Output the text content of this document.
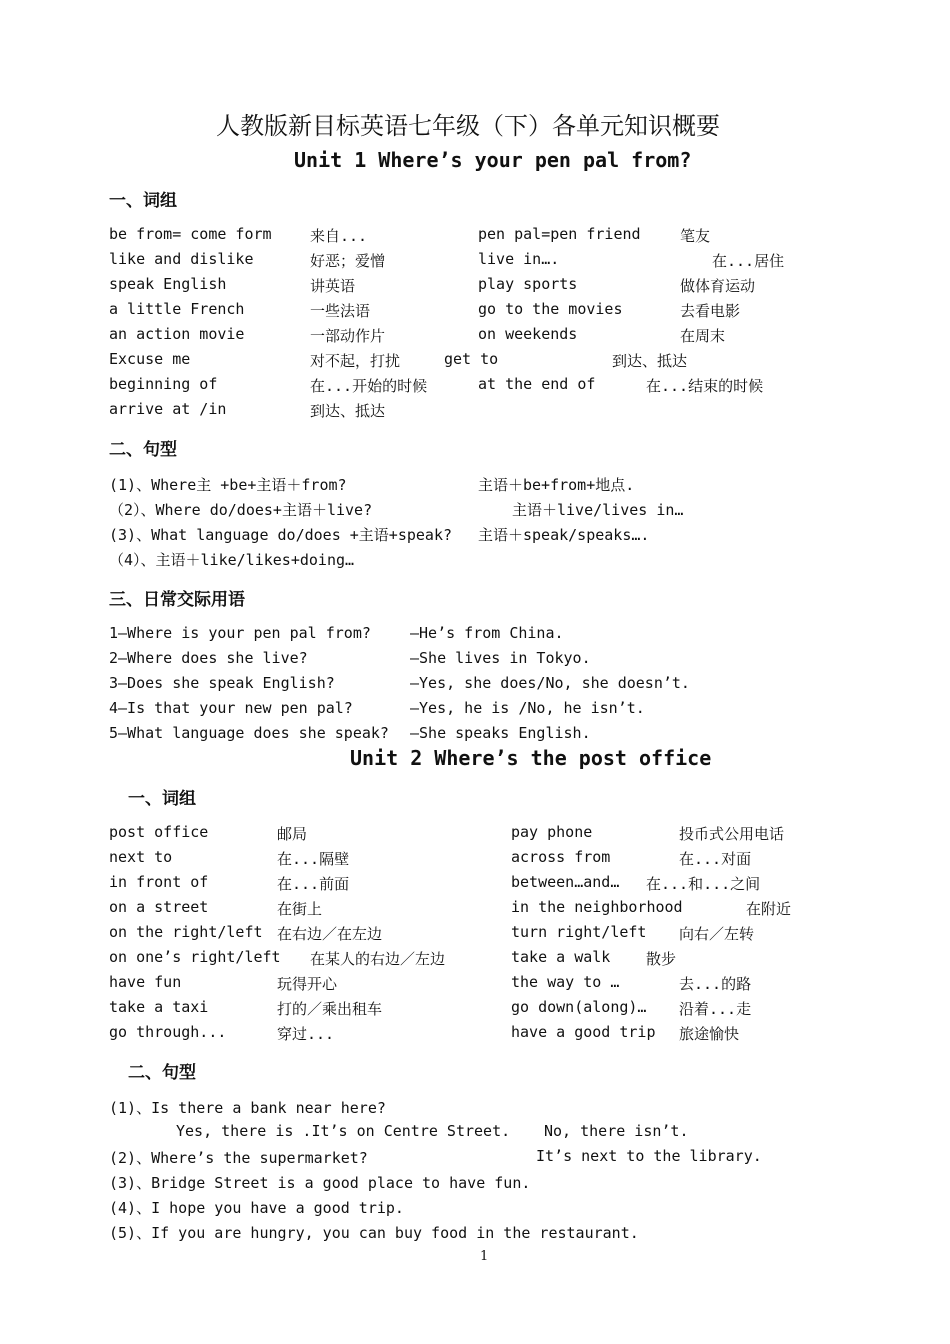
人教版新目标英语七年级（下）各单元知识概要
Unit 1 Where’s your pen pal from?
一、词组
be from= come form	来自...	pen pal=pen friend	笔友
like and dislike	好恶；爱憎	live in….	在...居住
speak English	讲英语	play sports	做体育运动
a little French	一些法语	go to the movies	去看电影
an action movie	一部动作片	on weekends	在周末
Excuse me	对不起，打扰	get to	到达、抵达
beginning of	在...开始的时候	at the end of	在...结束的时候
arrive at /in	到达、抵达
二、句型
(1)、Where主 +be+主语＋from?	主语＋be+from+地点.
（2）、Where do/does+主语＋live?	主语＋live/lives in…
(3)、What language do/does +主语+speak? 主语＋speak/speaks….
（4）、主语＋like/likes+doing…
三、日常交际用语
1—Where is your pen pal from?	—He’s from China.
2—Where does she live?	—She lives in Tokyo.
3—Does she speak English?	—Yes, she does/No, she doesn’t.
4—Is that your new pen pal?	—Yes, he is /No, he isn’t.
5—What language does she speak? —She speaks English.
Unit 2 Where’s the post office
一、词组
post office	邮局	pay phone	投币式公用电话
next to	在...隔壁	across from	在...对面
in front of	在...前面	between…and… 在...和...之间
on a street	在街上	in the neighborhood	在附近
on the right/left 在右边／在左边	turn right/left 向右／左转
on one’s right/left 在某人的右边／左边	take a walk 散步
have fun	玩得开心	the way to …	去...的路
take a taxi	打的／乘出租车	go down(along)… 沿着...走
go through...	穿过...	have a good trip 旅途愉快
二、句型
(1)、Is there a bank near here?
Yes, there is .It’s on Centre Street. No, there isn’t.
(2)、Where’s the supermarket?	It’s next to the library.
(3)、Bridge Street is a good place to have fun.
(4)、I hope you have a good trip.
(5)、If you are hungry, you can buy food in the restaurant.
1
